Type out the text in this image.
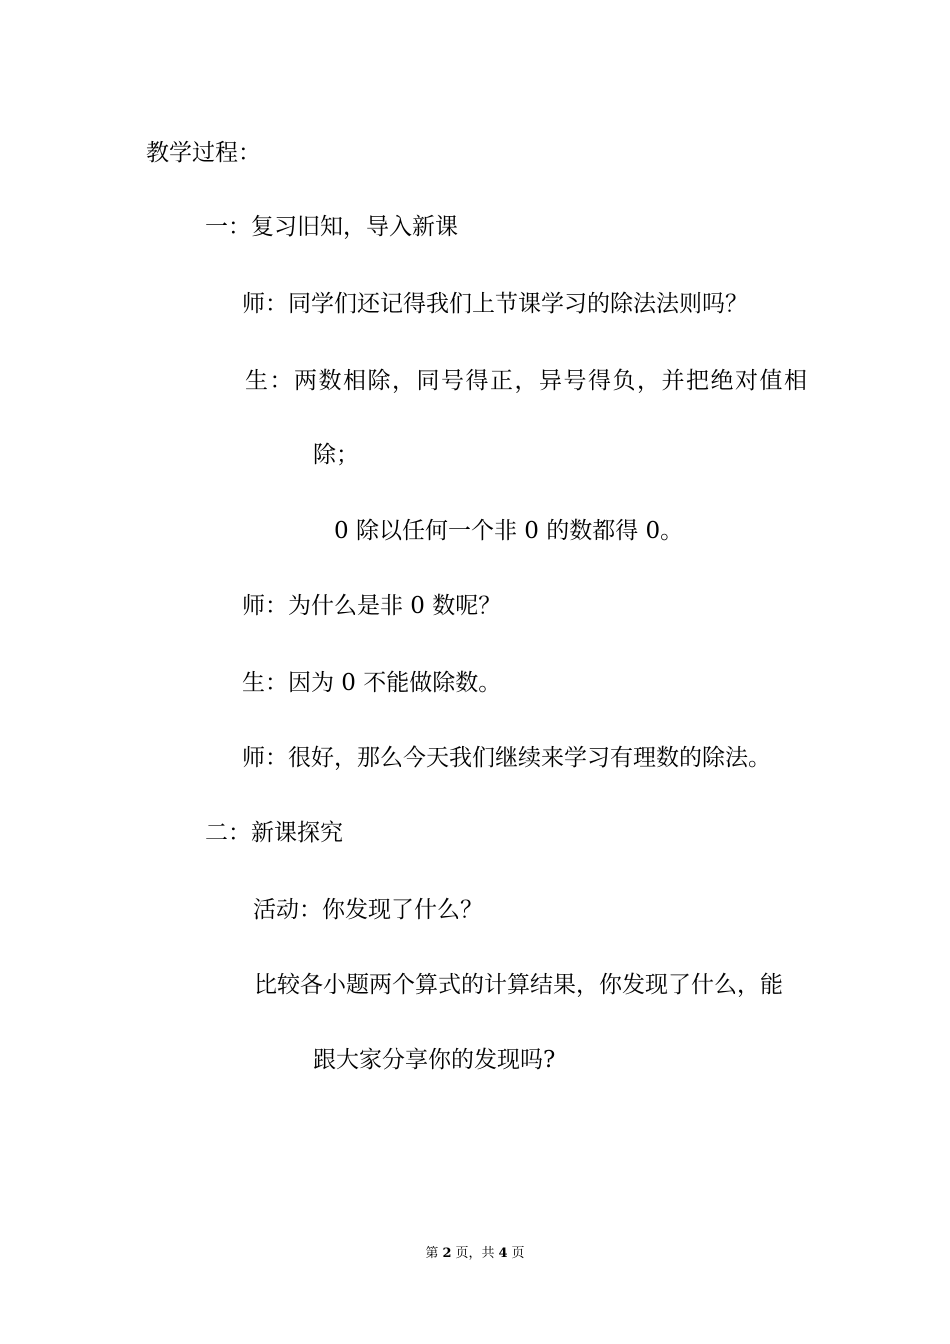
教学过程：
一：复习旧知，导入新课
师：同学们还记得我们上节课学习的除法法则吗？
生：两数相除，同号得正，异号得负，并把绝对值相
除；
0 除以任何一个非 0 的数都得 0。
师：为什么是非 0 数呢？
生：因为 0 不能做除数。
师：很好，那么今天我们继续来学习有理数的除法。
二：新课探究
活动：你发现了什么？
比较各小题两个算式的计算结果，你发现了什么，能
跟大家分享你的发现吗?
第 2 页，共 4 页
